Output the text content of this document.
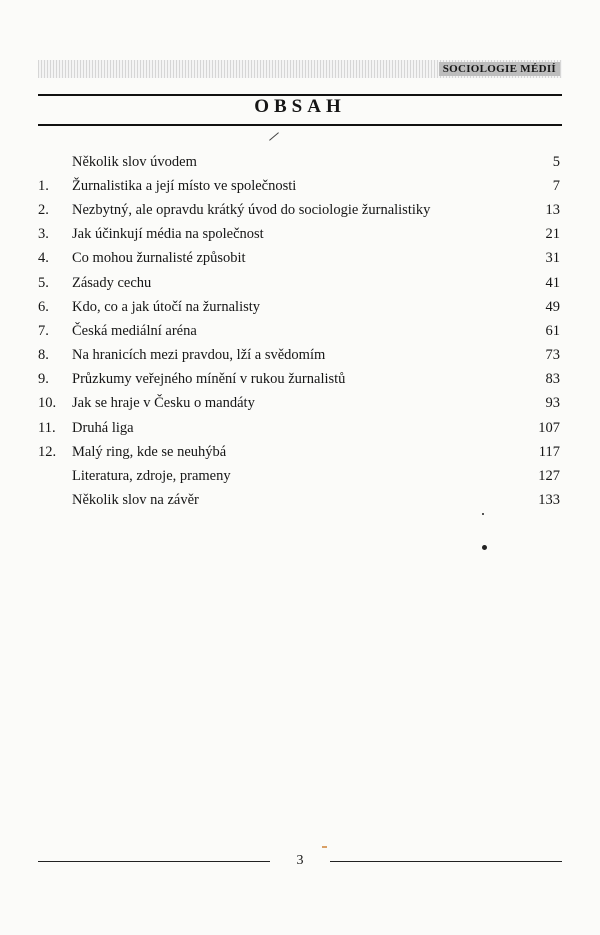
SOCIOLOGIE MÉDIÍ
OBSAH
Několik slov úvodem	5
1.	Žurnalistika a její místo ve společnosti	7
2.	Nezbytný, ale opravdu krátký úvod do sociologie žurnalistiky	13
3.	Jak účinkují média na společnost	21
4.	Co mohou žurnalisté způsobit	31
5.	Zásady cechu	41
6.	Kdo, co a jak útočí na žurnalisty	49
7.	Česká mediální aréna	61
8.	Na hranicích mezi pravdou, lží a svědomím	73
9.	Průzkumy veřejného mínění v rukou žurnalistů	83
10.	Jak se hraje v Česku o mandáty	93
11.	Druhá liga	107
12.	Malý ring, kde se neuhýbá	117
Literatura, zdroje, prameny	127
Několik slov na závěr	133
3
